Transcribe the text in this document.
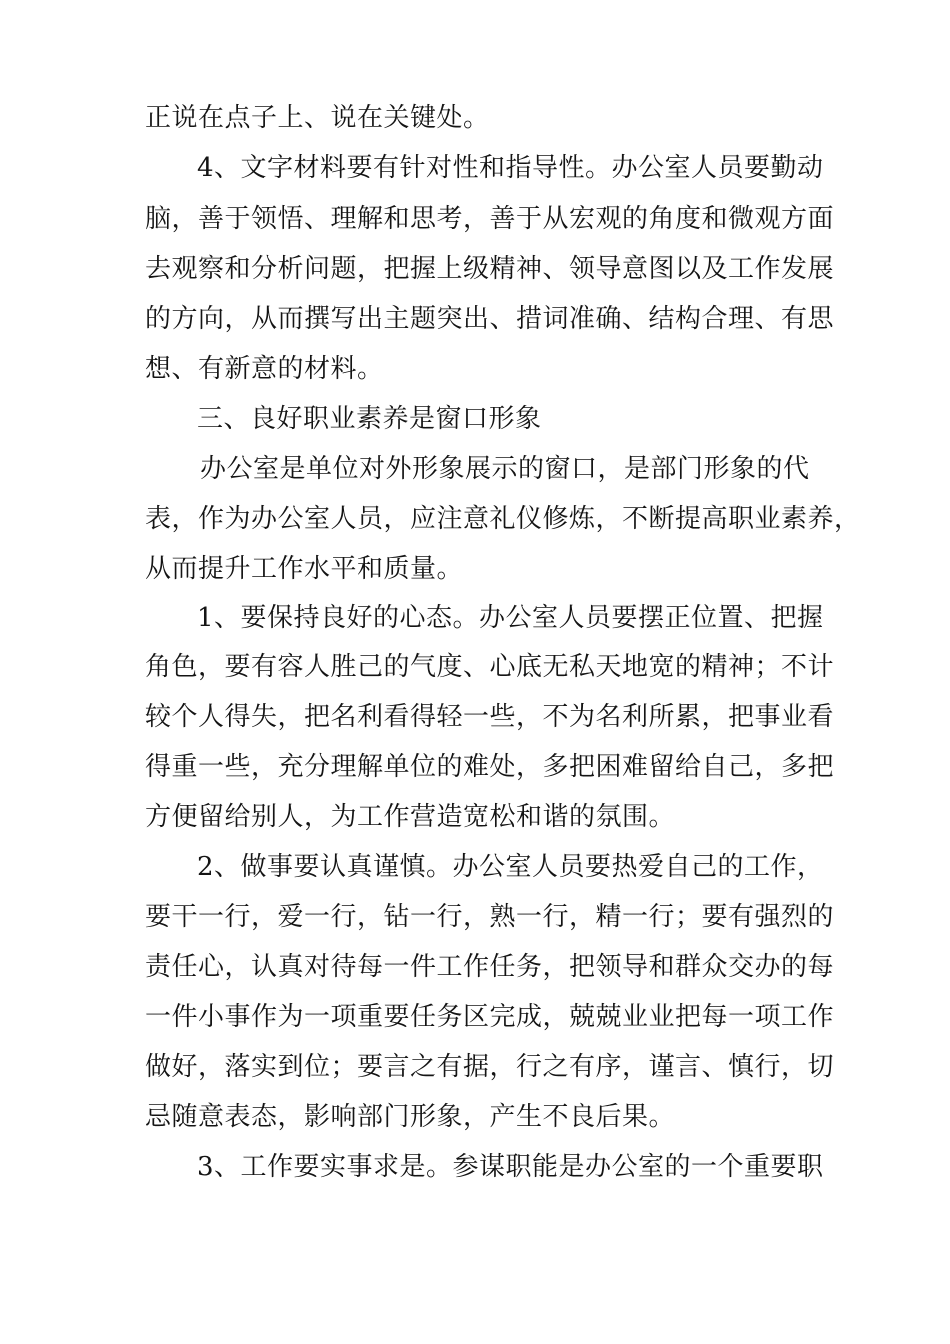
正说在点子上、说在关键处。
4、文字材料要有针对性和指导性。办公室人员要勤动
脑，善于领悟、理解和思考，善于从宏观的角度和微观方面
去观察和分析问题，把握上级精神、领导意图以及工作发展
的方向，从而撰写出主题突出、措词准确、结构合理、有思
想、有新意的材料。
三、良好职业素养是窗口形象
办公室是单位对外形象展示的窗口，是部门形象的代
表，作为办公室人员，应注意礼仪修炼，不断提高职业素养，
从而提升工作水平和质量。
1、要保持良好的心态。办公室人员要摆正位置、把握
角色，要有容人胜己的气度、心底无私天地宽的精神；不计
较个人得失，把名利看得轻一些，不为名利所累，把事业看
得重一些，充分理解单位的难处，多把困难留给自己，多把
方便留给别人，为工作营造宽松和谐的氛围。
2、做事要认真谨慎。办公室人员要热爱自己的工作，
要干一行，爱一行，钻一行，熟一行，精一行；要有强烈的
责任心，认真对待每一件工作任务，把领导和群众交办的每
一件小事作为一项重要任务区完成，兢兢业业把每一项工作
做好，落实到位；要言之有据，行之有序，谨言、慎行，切
忌随意表态，影响部门形象，产生不良后果。
3、工作要实事求是。参谋职能是办公室的一个重要职
